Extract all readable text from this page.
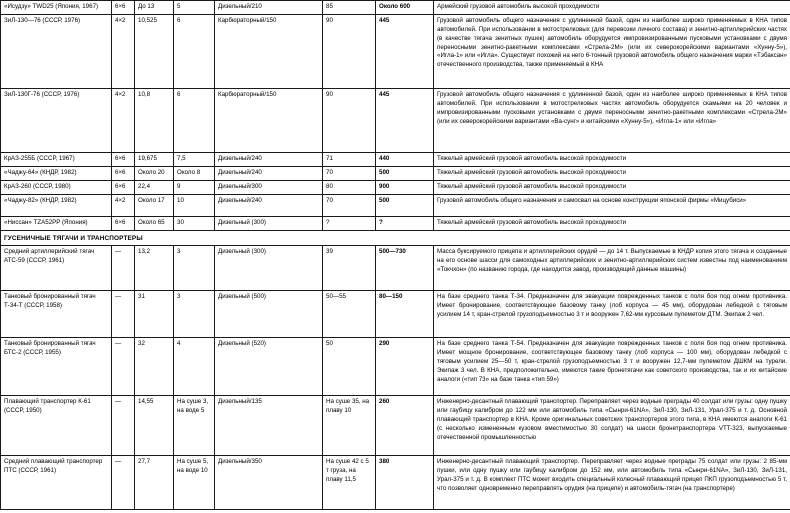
«Исудзу» TWD25 (Япония, 1967)	6×6	До 13	5	Дизельный/210	85	Около 600	Армейский грузовой автомобиль высокой проходимости
ЗиЛ-130—76 (СССР, 1976)	4×2	10,525	6	Карбюраторный/150	90	445	Грузовой автомобиль общего назначения с удлиненной базой, один из наиболее широко применяемых в КНА типов автомобилей. При использовании в мотострелковых (для перевозки личного состава) и зенитно-артиллерийских частях (в качестве тягача зенитных пушек) автомобиль оборудуется импровизированными пусковыми установками с двумя переносными зенитно-ракетными комплексами «Стрела-2М» (или их северокорейскими вариантами «Хунну-5»), «Игла-1» или «Игла». Существует похожий на него 6-тонный грузовой автомобиль общего назначения марки «Тэбаксан» отечественного производства, также применяемый в КНА
ЗиЛ-130Г-76 (СССР, 1976)	4×2	10,8	6	Карбюраторный/150	90	445	Грузовой автомобиль общего назначения с удлиненной базой, один из наиболее широко применяемых в КНА типов автомобилей. При использовании в мотострелковых частях автомобиль оборудуется скамьями на 20 человек и импровизированными пусковыми установками с двумя переносными зенитно-ракетными комплексами «Стрела-2М» (или их северокорейскими вариантами «Ва-сунг» и китайскими «Хунну-5»), «Игла-1» или «Игла»
КрАЗ-255Б (СССР, 1967)	6×6	19,675	7,5	Дизельный/240	71	440	Тяжелый армейский грузовой автомобиль высокой проходимости
«Чаджу-64» (КНДР, 1982)	6×6	Около 20	Около 8	Дизельный/240	70	500	Тяжелый армейский грузовой автомобиль высокой проходимости
КрАЗ-260 (СССР, 1980)	6×6	22,4	9	Дизельный/300	80	900	Тяжелый армейский грузовой автомобиль высокой проходимости
«Чаджу-82» (КНДР, 1982)	4×2	Около 17	10	Дизельный/240	70	500	Грузовой автомобиль общего назначения и самосвал на основе конструкции японской фирмы «Мицубиси»
«Ниссан» TZA52PP (Япония)	6×6	Около 65	30	Дизельный (300)	?	?	Тяжелый армейский грузовой автомобиль высокой проходимости
ГУСЕНИЧНЫЕ ТЯГАЧИ И ТРАНСПОРТЕРЫ							
Средний артиллерийский тягач АТС-59 (СССР, 1961)	—	13,2	3	Дизельный (300)	39	500—730	Масса буксируемого прицепа и артиллерийских орудий — до 14 т. Выпускаемые в КНДР копия этого тягача и созданные на его основе шасси для самоходных артиллерийских и зенитно-артиллерийских систем известны под наименованием «Токчхон» (по названию города, где находится завод, производящий данные машины)
Танковый бронированный тягач Т-34-Т (СССР, 1958)	—	31	3	Дизельный (500)	50—55	80—150	На базе среднего танка Т-34. Предназначен для эвакуации поврежденных танков с поля боя под огнем противника. Имеет бронирование, соответствующее базовому танку (лоб корпуса — 45 мм), оборудован лебедкой с тяговым усилием 14 т, кран-стрелой грузоподъемностью 3 т и вооружен 7,62-мм курсовым пулеметом ДТМ. Экипаж 2 чел.
Танковый бронированный тягач БТС-2 (СССР, 1955)	—	32	4	Дизельный (520)	50	290	На базе среднего танка Т-54. Предназначен для эвакуации поврежденных танков с поля боя под огнем противника. Имеет мощное бронирование, соответствующее базовому танку (лоб корпуса — 100 мм), оборудован лебедкой с тяговым усилием 25—50 т, кран-стрелой грузоподъемностью 3 т и вооружен 12,7-мм пулеметом ДШКМ на турели. Экипаж 3 чел. В КНА, предположительно, имеются такие бронетягачи как советского производства, так и их китайские аналоги («тип 73» на базе танка «тип 59»)
Плавающий транспортер К-61 (СССР, 1950)	—	14,55	На суше 3, на воде 5	Дизельный/135	На суше 35, на плаву 10	260	Инженерно-десантный плавающий транспортер. Переправляет через водные преграды 40 солдат или грузы: одну пушку или гаубицу калибром до 122 мм или автомобиль типа «Сынри-61NA», ЗиЛ-130, ЗиЛ-131, Урал-375 и т. д. Основной плавающий транспортер в КНА. Кроме оригинальных советских транспортеров этого типа, в КНА имеются аналоги К-61 (с несколько измененным кузовом вместимостью 30 солдат) на шасси бронетранспортера VTT-323, выпускаемые отечественной промышленностью
Средний плавающий транспортер ПТС (СССР, 1961)	—	27,7	На суше 5, на воде 10	Дизельный/350	На суше 42 с 5 т груза, на плаву 11,5	380	Инженерно-десантный плавающий транспортер. Переправляет через водные преграды 75 солдат или грузы: 2 85-мм пушки, или одну пушку или гаубицу калибром до 152 мм, или автомобиль типа «Сынри-61NA», ЗиЛ-130, ЗиЛ-131, Урал-375 и т. д. В комплект ПТС может входить специальный колесный плавающий прицеп ПКП грузоподъемностью 5 т, что позволяет одновременно переправлять орудия (на прицепе) и автомобиль-тягач (на транспортере)
